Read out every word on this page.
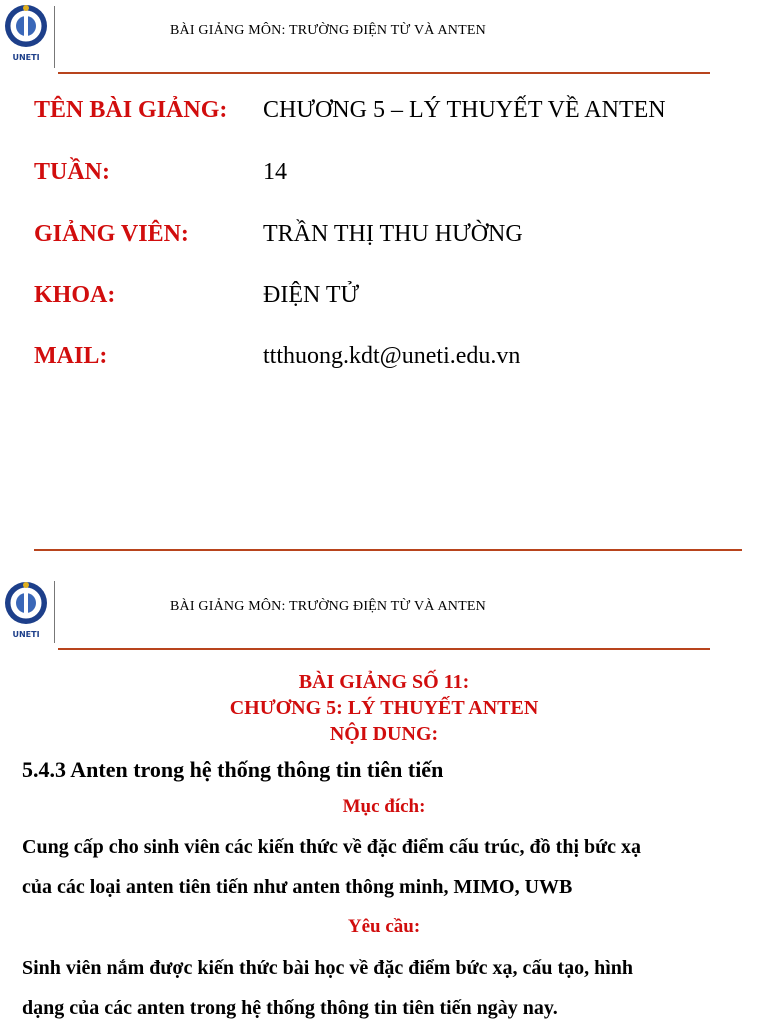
UNETI
BÀI GIẢNG MÔN: TRƯỜNG ĐIỆN TỪ VÀ ANTEN
TÊN BÀI GIẢNG: CHƯƠNG 5 – LÝ THUYẾT VỀ ANTEN
TUẦN:	14
GIẢNG VIÊN:	TRẦN THỊ THU HƯỜNG
KHOA:	ĐIỆN TỬ
MAIL:	ttthuong.kdt@uneti.edu.vn
UNETI
BÀI GIẢNG MÔN: TRƯỜNG ĐIỆN TỪ VÀ ANTEN
BÀI GIẢNG SỐ 11:
CHƯƠNG 5: LÝ THUYẾT ANTEN
NỘI DUNG:
5.4.3 Anten trong hệ thống thông tin tiên tiến
Mục đích:
Cung cấp cho sinh viên các kiến thức về đặc điểm cấu trúc, đồ thị bức xạ
của các loại anten tiên tiến như anten thông minh, MIMO, UWB
Yêu cầu:
Sinh viên nắm được kiến thức bài học về đặc điểm bức xạ, cấu tạo, hình
dạng của các anten trong hệ thống thông tin tiên tiến ngày nay.
